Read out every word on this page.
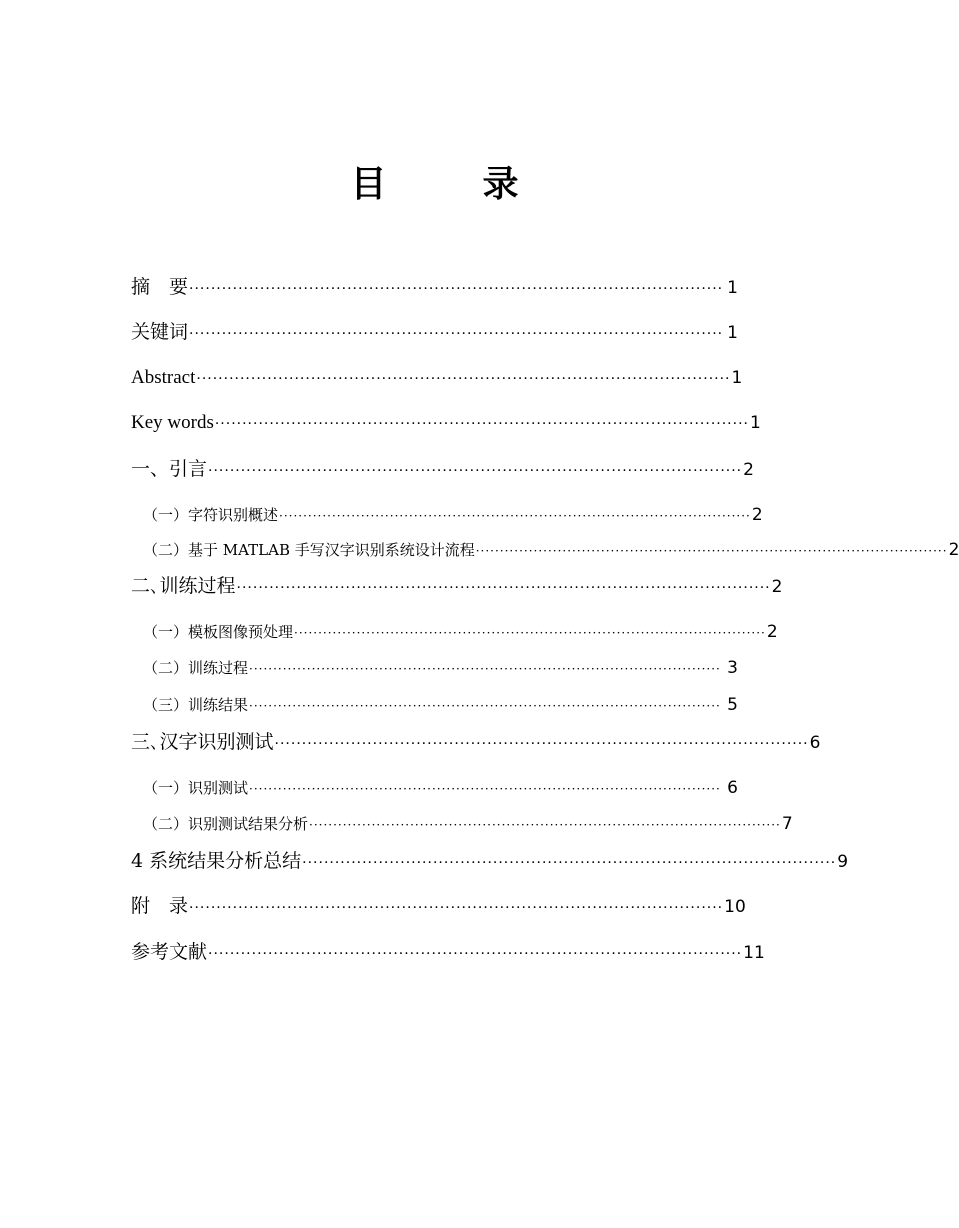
目　录
摘　要 ·································································································· 1
关键词 ·································································································· 1
Abstract ·································································································· 1
Key words ·································································································· 1
一、引言 ·································································································· 2
（一）字符识别概述 ·································································································· 2
（二）基于 MATLAB 手写汉字识别系统设计流程 ·································································································· 2
二､训练过程 ·································································································· 2
（一）模板图像预处理 ·································································································· 2
（二）训练过程 ·································································································· 3
（三）训练结果 ·································································································· 5
三､汉字识别测试 ·································································································· 6
（一）识别测试 ·································································································· 6
（二）识别测试结果分析 ·································································································· 7
4 系统结果分析总结 ·································································································· 9
附　录 ·································································································· 10
参考文献 ·································································································· 11
